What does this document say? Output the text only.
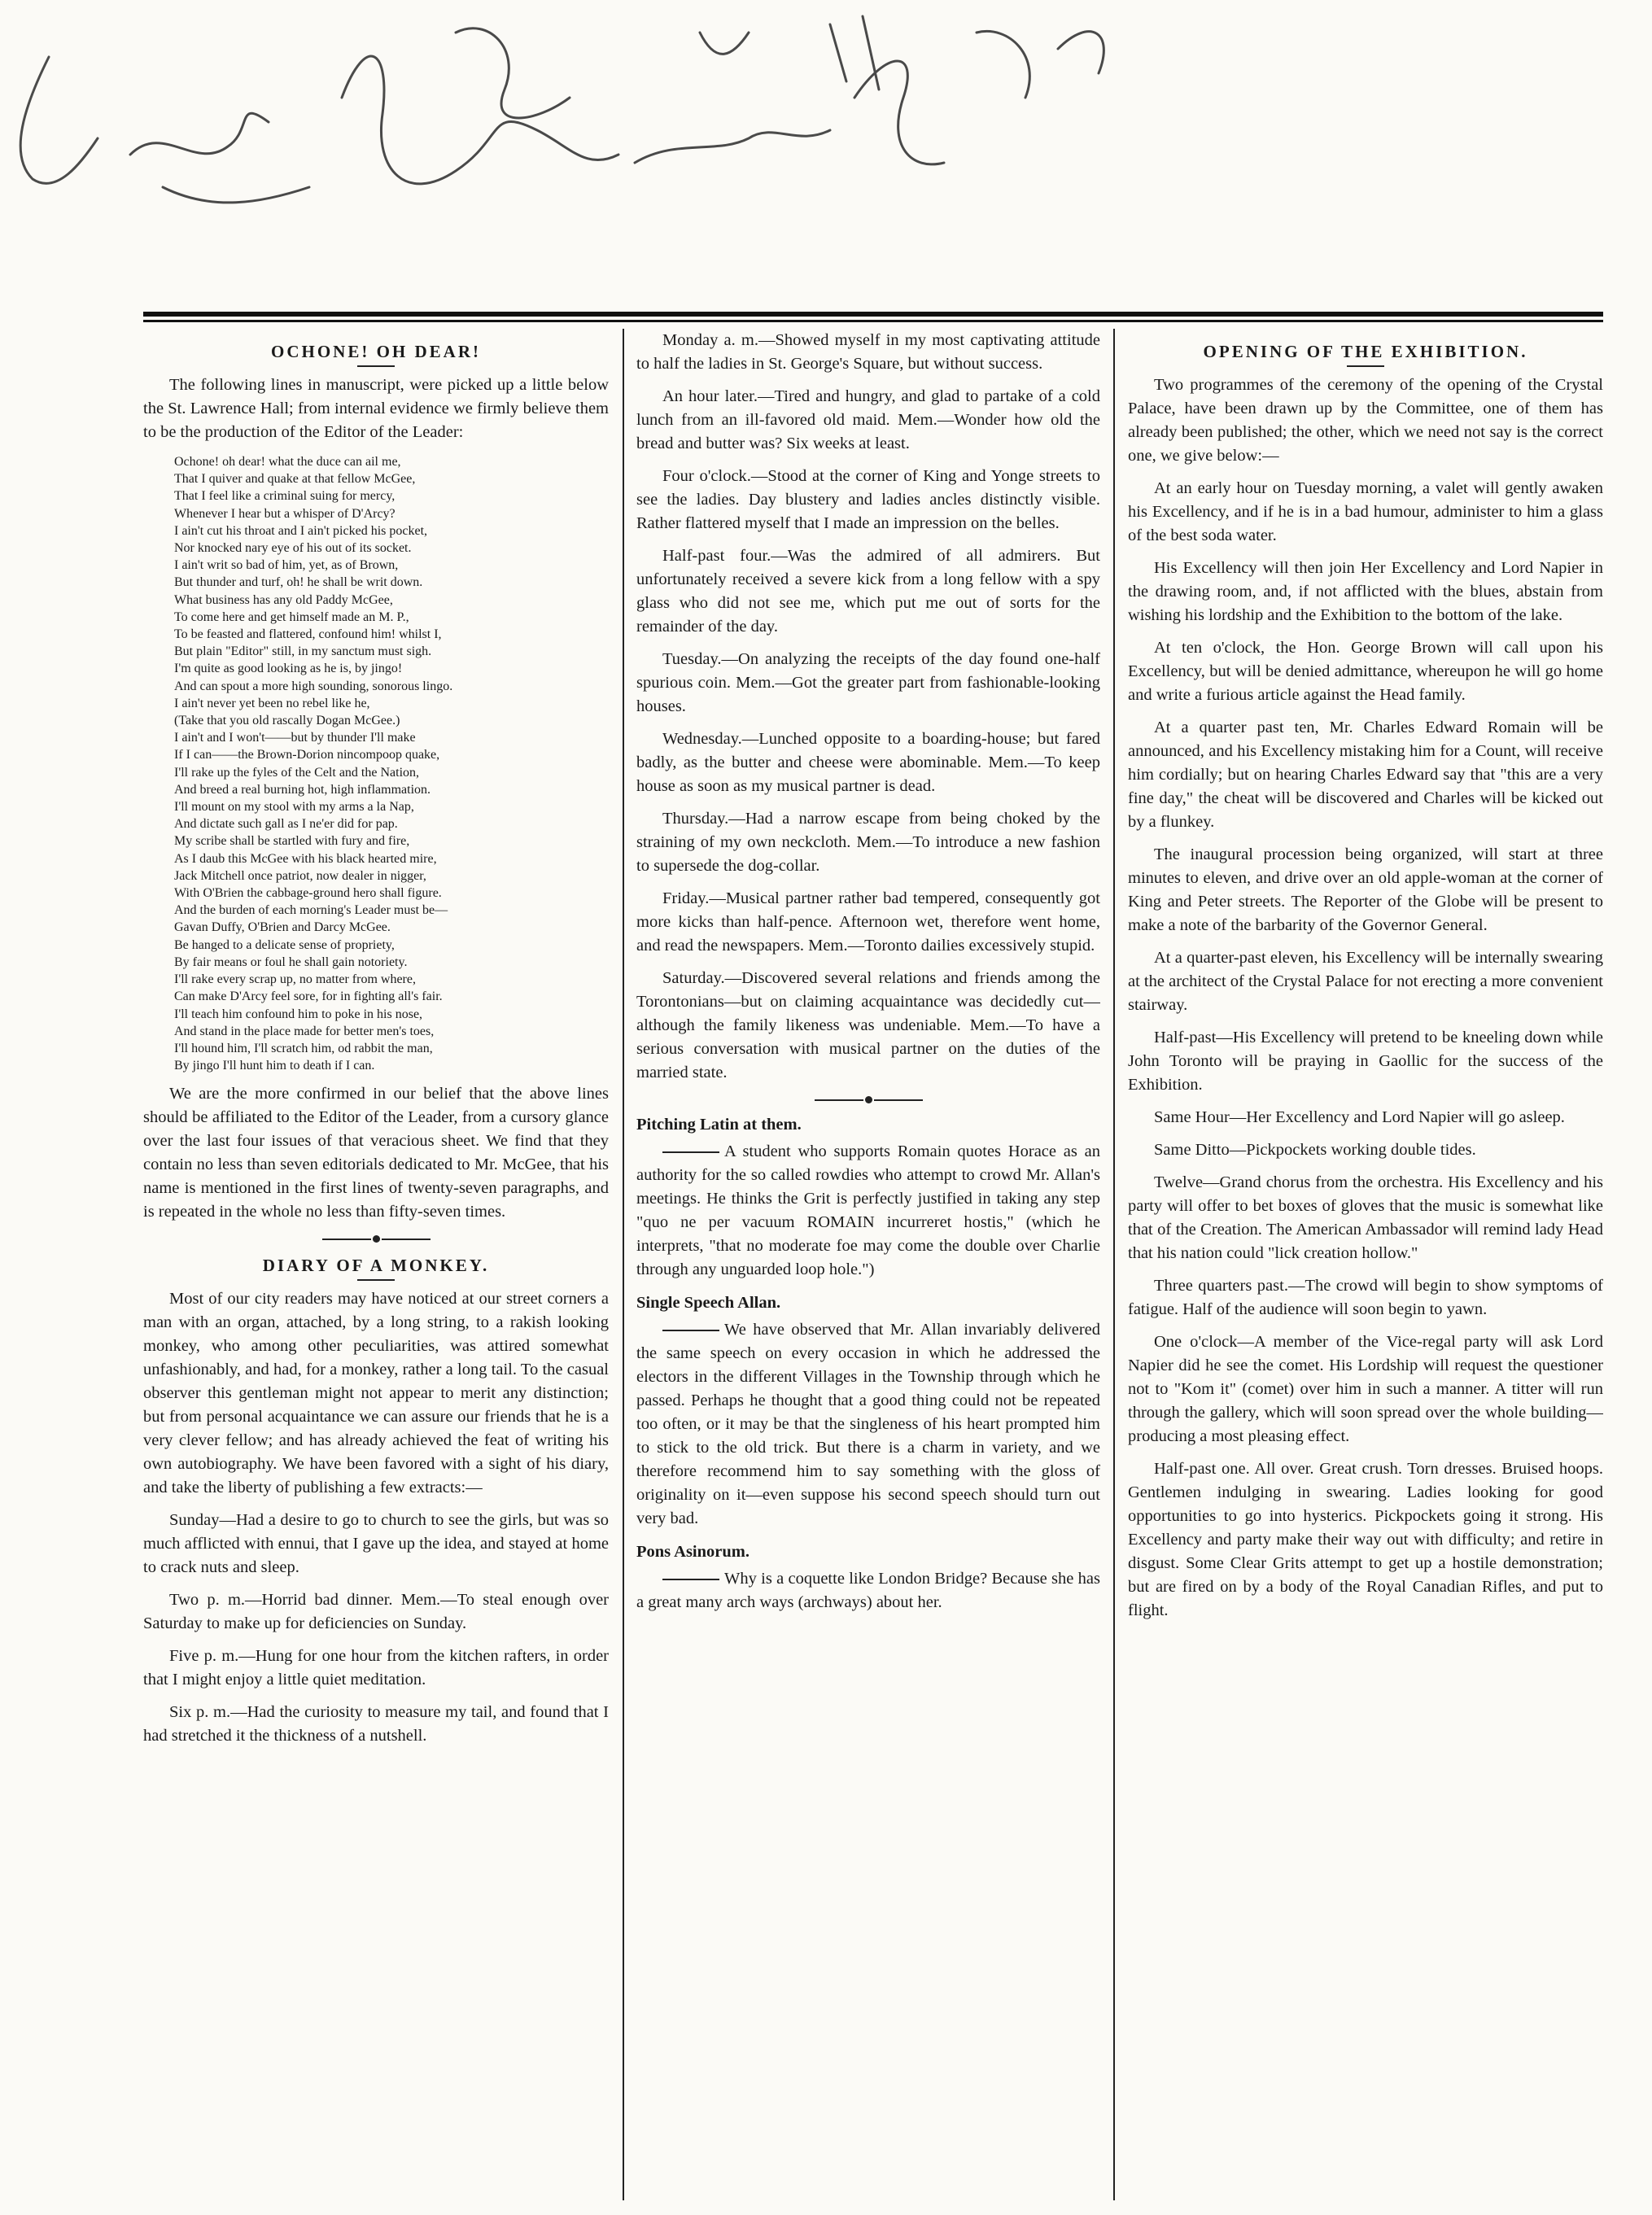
OCHONE! OH DEAR!

The following lines in manuscript, were picked up a little below the St. Lawrence Hall; from internal evidence we firmly believe them to be the production of the Editor of the Leader:

Ochone! oh dear! what the duce can ail me,
That I quiver and quake at that fellow McGee,
That I feel like a criminal suing for mercy,
Whenever I hear but a whisper of D'Arcy?
I ain't cut his throat and I ain't picked his pocket,
Nor knocked nary eye of his out of its socket.
I ain't writ so bad of him, yet, as of Brown,
But thunder and turf, oh! he shall be writ down.
What business has any old Paddy McGee,
To come here and get himself made an M. P.,
To be feasted and flattered, confound him! whilst I,
But plain "Editor" still, in my sanctum must sigh.
I'm quite as good looking as he is, by jingo!
And can spout a more high sounding, sonorous lingo.
I ain't never yet been no rebel like he,
(Take that you old rascally Dogan McGee.)
I ain't and I won't——but by thunder I'll make
If I can——the Brown-Dorion nincompoop quake,
I'll rake up the fyles of the Celt and the Nation,
And breed a real burning hot, high inflammation.
I'll mount on my stool with my arms a la Nap,
And dictate such gall as I ne'er did for pap.
My scribe shall be startled with fury and fire,
As I daub this McGee with his black hearted mire,
Jack Mitchell once patriot, now dealer in nigger,
With O'Brien the cabbage-ground hero shall figure.
And the burden of each morning's Leader must be—
Gavan Duffy, O'Brien and Darcy McGee.
Be hanged to a delicate sense of propriety,
By fair means or foul he shall gain notoriety.
I'll rake every scrap up, no matter from where,
Can make D'Arcy feel sore, for in fighting all's fair.
I'll teach him confound him to poke in his nose,
And stand in the place made for better men's toes,
I'll hound him, I'll scratch him, od rabbit the man,
By jingo I'll hunt him to death if I can.

We are the more confirmed in our belief that the above lines should be affiliated to the Editor of the Leader, from a cursory glance over the last four issues of that veracious sheet. We find that they contain no less than seven editorials dedicated to Mr. McGee, that his name is mentioned in the first lines of twenty-seven paragraphs, and is repeated in the whole no less than fifty-seven times.

DIARY OF A MONKEY.

Most of our city readers may have noticed at our street corners a man with an organ, attached, by a long string, to a rakish looking monkey, who among other peculiarities, was attired somewhat unfashionably, and had, for a monkey, rather a long tail. To the casual observer this gentleman might not appear to merit any distinction; but from personal acquaintance we can assure our friends that he is a very clever fellow; and has already achieved the feat of writing his own autobiography. We have been favored with a sight of his diary, and take the liberty of publishing a few extracts:—

Sunday—Had a desire to go to church to see the girls, but was so much afflicted with ennui, that I gave up the idea, and stayed at home to crack nuts and sleep.

Two p. m.—Horrid bad dinner. Mem.—To steal enough over Saturday to make up for deficiencies on Sunday.

Five p. m.—Hung for one hour from the kitchen rafters, in order that I might enjoy a little quiet meditation.

Six p. m.—Had the curiosity to measure my tail, and found that I had stretched it the thickness of a nutshell.

Monday a. m.—Showed myself in my most captivating attitude to half the ladies in St. George's Square, but without success.

An hour later.—Tired and hungry, and glad to partake of a cold lunch from an ill-favored old maid. Mem.—Wonder how old the bread and butter was? Six weeks at least.

Four o'clock.—Stood at the corner of King and Yonge streets to see the ladies. Day blustery and ladies ancles distinctly visible. Rather flattered myself that I made an impression on the belles.

Half-past four.—Was the admired of all admirers. But unfortunately received a severe kick from a long fellow with a spy glass who did not see me, which put me out of sorts for the remainder of the day.

Tuesday.—On analyzing the receipts of the day found one-half spurious coin. Mem.—Got the greater part from fashionable-looking houses.

Wednesday.—Lunched opposite to a boarding-house; but fared badly, as the butter and cheese were abominable. Mem.—To keep house as soon as my musical partner is dead.

Thursday.—Had a narrow escape from being choked by the straining of my own neckcloth. Mem.—To introduce a new fashion to supersede the dog-collar.

Friday.—Musical partner rather bad tempered, consequently got more kicks than half-pence. Afternoon wet, therefore went home, and read the newspapers. Mem.—Toronto dailies excessively stupid.

Saturday.—Discovered several relations and friends among the Torontonians—but on claiming acquaintance was decidedly cut—although the family likeness was undeniable. Mem.—To have a serious conversation with musical partner on the duties of the married state.

Pitching Latin at them.

A student who supports Romain quotes Horace as an authority for the so called rowdies who attempt to crowd Mr. Allan's meetings. He thinks the Grit is perfectly justified in taking any step "quo ne per vacuum ROMAIN incurreret hostis," (which he interprets, "that no moderate foe may come the double over Charlie through any unguarded loop hole.")

Single Speech Allan.

We have observed that Mr. Allan invariably delivered the same speech on every occasion in which he addressed the electors in the different Villages in the Township through which he passed. Perhaps he thought that a good thing could not be repeated too often, or it may be that the singleness of his heart prompted him to stick to the old trick. But there is a charm in variety, and we therefore recommend him to say something with the gloss of originality on it—even suppose his second speech should turn out very bad.

Pons Asinorum.

Why is a coquette like London Bridge? Because she has a great many arch ways (archways) about her.

OPENING OF THE EXHIBITION.

Two programmes of the ceremony of the opening of the Crystal Palace, have been drawn up by the Committee, one of them has already been published; the other, which we need not say is the correct one, we give below:—

At an early hour on Tuesday morning, a valet will gently awaken his Excellency, and if he is in a bad humour, administer to him a glass of the best soda water.

His Excellency will then join Her Excellency and Lord Napier in the drawing room, and, if not afflicted with the blues, abstain from wishing his lordship and the Exhibition to the bottom of the lake.

At ten o'clock, the Hon. George Brown will call upon his Excellency, but will be denied admittance, whereupon he will go home and write a furious article against the Head family.

At a quarter past ten, Mr. Charles Edward Romain will be announced, and his Excellency mistaking him for a Count, will receive him cordially; but on hearing Charles Edward say that "this are a very fine day," the cheat will be discovered and Charles will be kicked out by a flunkey.

The inaugural procession being organized, will start at three minutes to eleven, and drive over an old apple-woman at the corner of King and Peter streets. The Reporter of the Globe will be present to make a note of the barbarity of the Governor General.

At a quarter-past eleven, his Excellency will be internally swearing at the architect of the Crystal Palace for not erecting a more convenient stairway.

Half-past—His Excellency will pretend to be kneeling down while John Toronto will be praying in Gaollic for the success of the Exhibition.

Same Hour—Her Excellency and Lord Napier will go asleep.

Same Ditto—Pickpockets working double tides.

Twelve—Grand chorus from the orchestra. His Excellency and his party will offer to bet boxes of gloves that the music is somewhat like that of the Creation. The American Ambassador will remind lady Head that his nation could "lick creation hollow."

Three quarters past.—The crowd will begin to show symptoms of fatigue. Half of the audience will soon begin to yawn.

One o'clock—A member of the Vice-regal party will ask Lord Napier did he see the comet. His Lordship will request the questioner not to "Kom it" (comet) over him in such a manner. A titter will run through the gallery, which will soon spread over the whole building—producing a most pleasing effect.

Half-past one. All over. Great crush. Torn dresses. Bruised hoops. Gentlemen indulging in swearing. Ladies looking for good opportunities to go into hysterics. Pickpockets going it strong. His Excellency and party make their way out with difficulty; and retire in disgust. Some Clear Grits attempt to get up a hostile demonstration; but are fired on by a body of the Royal Canadian Rifles, and put to flight.
